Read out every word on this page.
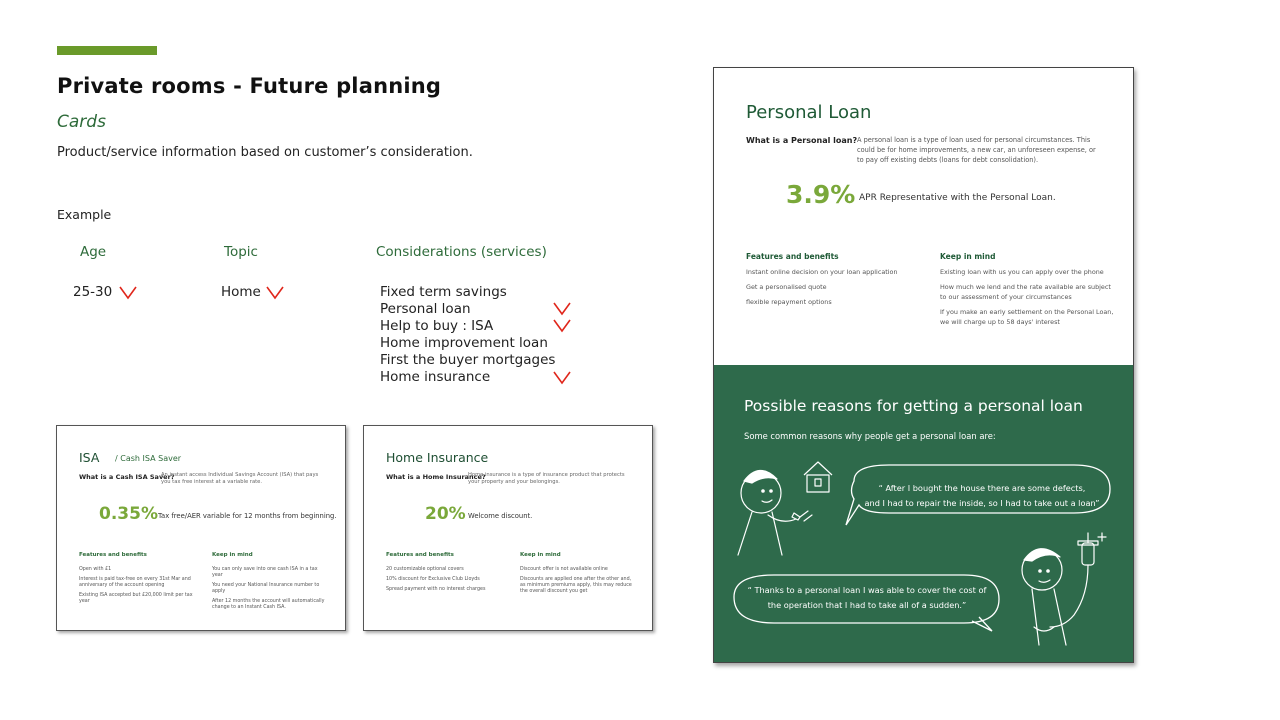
Private rooms - Future planning
Cards
Product/service information based on customer’s consideration.
Example
Age	Topic	Considerations (services)
25-30	Home	Fixed term savings
Personal loan
Help to buy : ISA
Home improvement loan
First the buyer mortgages
Home insurance
ISA / Cash ISA Saver
What is a Cash ISA Saver?
An instant access Individual Savings Account (ISA) that pays you tax free interest at a variable rate.
0.35% Tax free/AER variable for 12 months from beginning.
Features and benefits	Keep in mind
Open with £1
Interest is paid tax-free on every 31st Mar and anniversary of the account opening
Existing ISA accepted but £20,000 limit per tax year
You can only save into one cash ISA in a tax year
You need your National Insurance number to apply
After 12 months the account will automatically change to an Instant Cash ISA.
Home Insurance
What is a Home Insurance?
Home insurance is a type of insurance product that protects your property and your belongings.
20% Welcome discount.
Features and benefits	Keep in mind
20 customizable optional covers
10% discount for Exclusive Club Lloyds
Spread payment with no interest charges
Discount offer is not available online
Discounts are applied one after the other and, as minimum premiums apply, this may reduce the overall discount you get
Personal Loan
What is a Personal loan? A personal loan is a type of loan used for personal circumstances. This could be for home improvements, a new car, an unforeseen expense, or to pay off existing debts (loans for debt consolidation).
3.9% APR Representative with the Personal Loan.
Features and benefits	Keep in mind
Instant online decision on your loan application
Get a personalised quote
flexible repayment options
Existing loan with us you can apply over the phone
How much we lend and the rate available are subject to our assessment of your circumstances
If you make an early settlement on the Personal Loan, we will charge up to 58 days' interest
Possible reasons for getting a personal loan
Some common reasons why people get a personal loan are:
“ After I bought the house there are some defects,
and I had to repair the inside, so I had to take out a loan”
“ Thanks to a personal loan I was able to cover the cost of
the operation that I had to take all of a sudden.”
